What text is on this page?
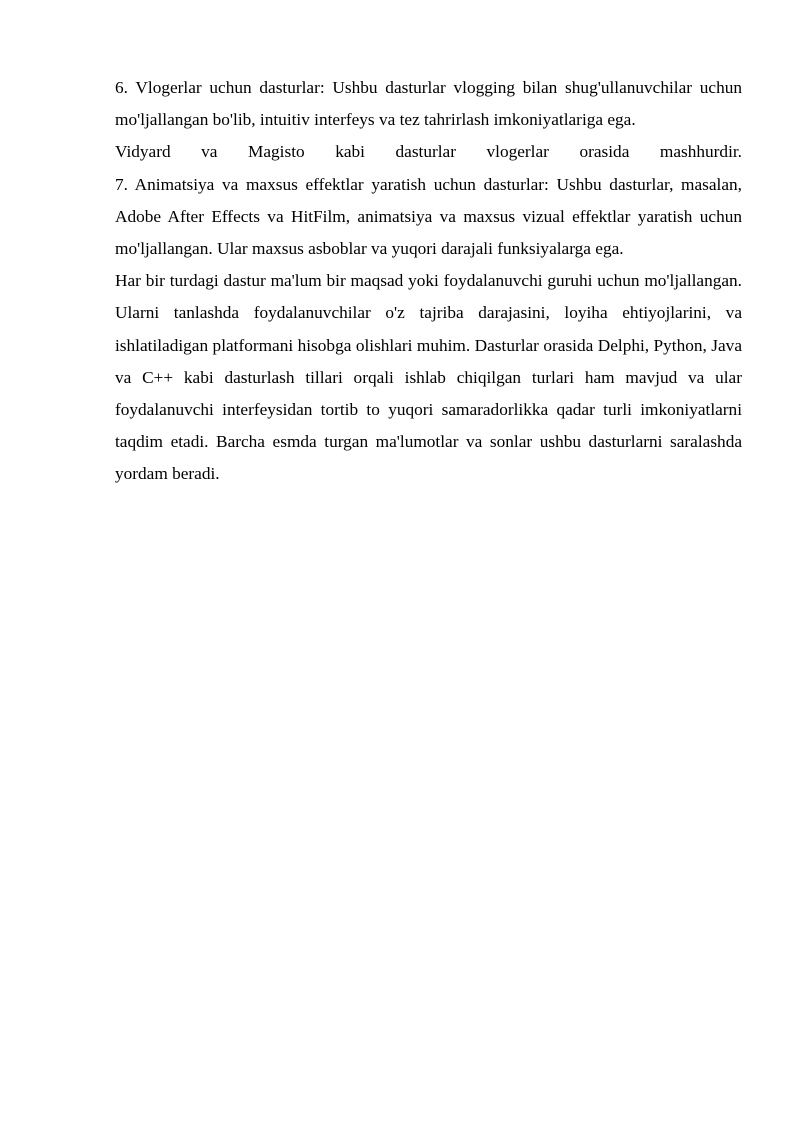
6. Vlogerlar uchun dasturlar: Ushbu dasturlar vlogging bilan shug'ullanuvchilar uchun mo'ljallangan bo'lib, intuitiv interfeys va tez tahrirlash imkoniyatlariga ega.
Vidyard va Magisto kabi dasturlar vlogerlar orasida mashhurdir.

7. Animatsiya va maxsus effektlar yaratish uchun dasturlar: Ushbu dasturlar, masalan, Adobe After Effects va HitFilm, animatsiya va maxsus vizual effektlar yaratish uchun mo'ljallangan. Ular maxsus asboblar va yuqori darajali funksiyalarga ega.

Har bir turdagi dastur ma'lum bir maqsad yoki foydalanuvchi guruhi uchun mo'ljallangan. Ularni tanlashda foydalanuvchilar o'z tajriba darajasini, loyiha ehtiyojlarini, va ishlatiladigan platformani hisobga olishlari muhim. Dasturlar orasida Delphi, Python, Java va C++ kabi dasturlash tillari orqali ishlab chiqilgan turlari ham mavjud va ular foydalanuvchi interfeysidan tortib to yuqori samaradorlikka qadar turli imkoniyatlarni taqdim etadi. Barcha esmda turgan ma'lumotlar va sonlar ushbu dasturlarni saralashda yordam beradi.
